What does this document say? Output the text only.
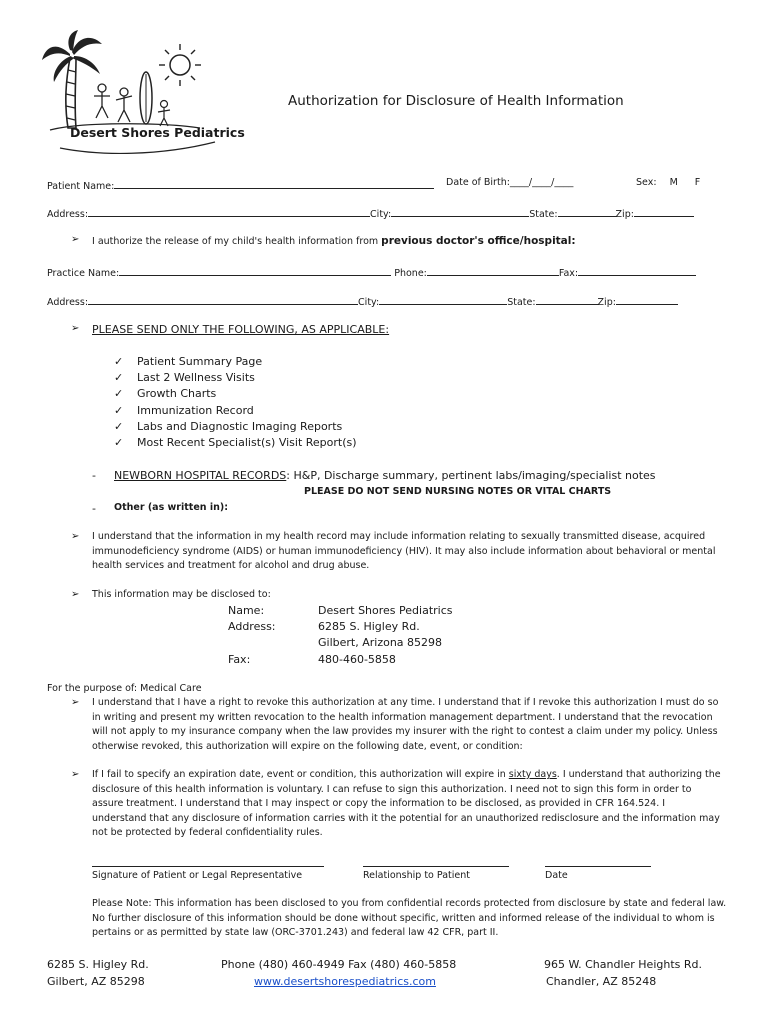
Desert Shores Pediatrics
Authorization for Disclosure of Health Information
Patient Name:	Date of Birth:____/____/____	Sex: M F
Address:	City:	State:	Zip:
➢ I authorize the release of my child's health information from previous doctor's office/hospital:
Practice Name:	Phone:	Fax:
Address:	City:	State:	Zip:
➢ PLEASE SEND ONLY THE FOLLOWING, AS APPLICABLE:
✓ Patient Summary Page
✓ Last 2 Wellness Visits
✓ Growth Charts
✓ Immunization Record
✓ Labs and Diagnostic Imaging Reports
✓ Most Recent Specialist(s) Visit Report(s)
- NEWBORN HOSPITAL RECORDS: H&P, Discharge summary, pertinent labs/imaging/specialist notes
PLEASE DO NOT SEND NURSING NOTES OR VITAL CHARTS
- Other (as written in):
➢ I understand that the information in my health record may include information relating to sexually transmitted disease, acquired immunodeficiency syndrome (AIDS) or human immunodeficiency (HIV). It may also include information about behavioral or mental health services and treatment for alcohol and drug abuse.
➢ This information may be disclosed to:
Name:	Desert Shores Pediatrics
Address:	6285 S. Higley Rd.
Gilbert, Arizona 85298
Fax:	480-460-5858
For the purpose of: Medical Care
➢ I understand that I have a right to revoke this authorization at any time. I understand that if I revoke this authorization I must do so in writing and present my written revocation to the health information management department. I understand that the revocation will not apply to my insurance company when the law provides my insurer with the right to contest a claim under my policy. Unless otherwise revoked, this authorization will expire on the following date, event, or condition:
➢ If I fail to specify an expiration date, event or condition, this authorization will expire in sixty days. I understand that authorizing the disclosure of this health information is voluntary. I can refuse to sign this authorization. I need not to sign this form in order to assure treatment. I understand that I may inspect or copy the information to be disclosed, as provided in CFR 164.524. I understand that any disclosure of information carries with it the potential for an unauthorized redisclosure and the information may not be protected by federal confidentiality rules.
Signature of Patient or Legal Representative	Relationship to Patient	Date
Please Note: This information has been disclosed to you from confidential records protected from disclosure by state and federal law. No further disclosure of this information should be done without specific, written and informed release of the individual to whom is pertains or as permitted by state law (ORC-3701.243) and federal law 42 CFR, part II.
6285 S. Higley Rd.
Gilbert, AZ 85298
Phone (480) 460-4949 Fax (480) 460-5858
www.desertshorespediatrics.com
965 W. Chandler Heights Rd.
Chandler, AZ 85248
